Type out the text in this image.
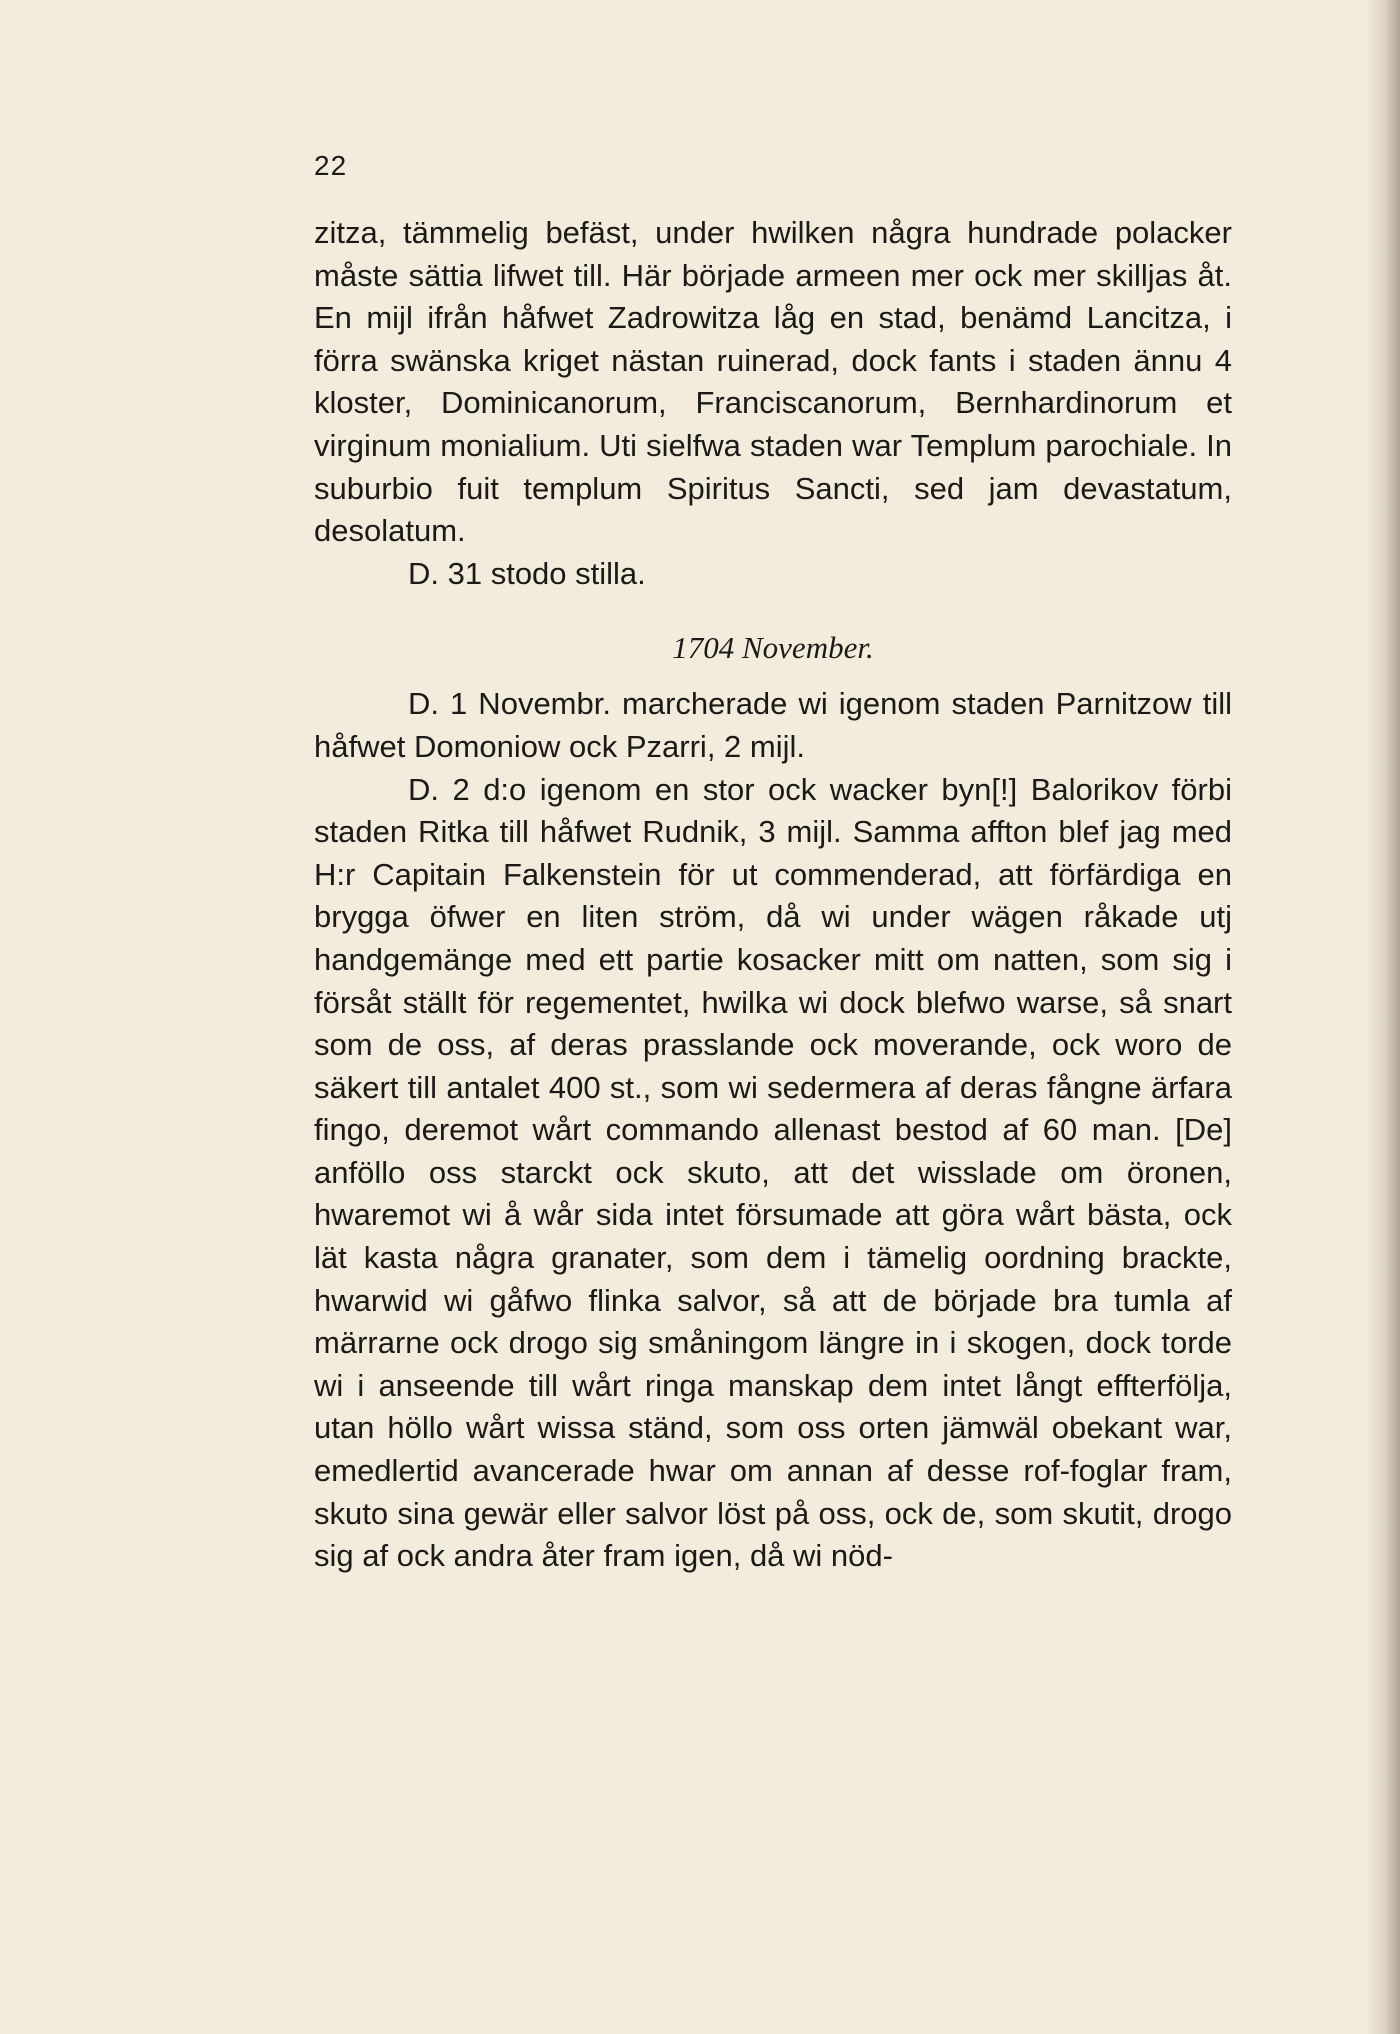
22

zitza, tämmelig befäst, under hwilken några hundrade polacker måste sättia lifwet till. Här började armeen mer ock mer skilljas åt. En mijl ifrån håfwet Zadrowitza låg en stad, benämd Lancitza, i förra swänska kriget nästan ruinerad, dock fants i staden ännu 4 kloster, Dominicanorum, Franciscanorum, Bernhardinorum et virginum monialium. Uti sielfwa staden war Templum parochiale. In suburbio fuit templum Spiritus Sancti, sed jam devastatum, desolatum.

D. 31 stodo stilla.

1704 November.

D. 1 Novembr. marcherade wi igenom staden Parnitzow till håfwet Domoniow ock Pzarri, 2 mijl.

D. 2 d:o igenom en stor ock wacker byn[!] Balorikov förbi staden Ritka till håfwet Rudnik, 3 mijl. Samma affton blef jag med H:r Capitain Falkenstein för ut commenderad, att förfärdiga en brygga öfwer en liten ström, då wi under wägen råkade utj handgemänge med ett partie kosacker mitt om natten, som sig i försåt ställt för regementet, hwilka wi dock blefwo warse, så snart som de oss, af deras prasslande ock moverande, ock woro de säkert till antalet 400 st., som wi sedermera af deras fångne ärfara fingo, deremot wårt commando allenast bestod af 60 man. [De] anföllo oss starckt ock skuto, att det wisslade om öronen, hwaremot wi å wår sida intet försumade att göra wårt bästa, ock lät kasta några granater, som dem i tämelig oordning brackte, hwarwid wi gåfwo flinka salvor, så att de började bra tumla af märrarne ock drogo sig småningom längre in i skogen, dock torde wi i anseende till wårt ringa manskap dem intet långt effterfölja, utan höllo wårt wissa ständ, som oss orten jämwäl obekant war, emedlertid avancerade hwar om annan af desse rof-foglar fram, skuto sina gewär eller salvor löst på oss, ock de, som skutit, drogo sig af ock andra åter fram igen, då wi nöd-
